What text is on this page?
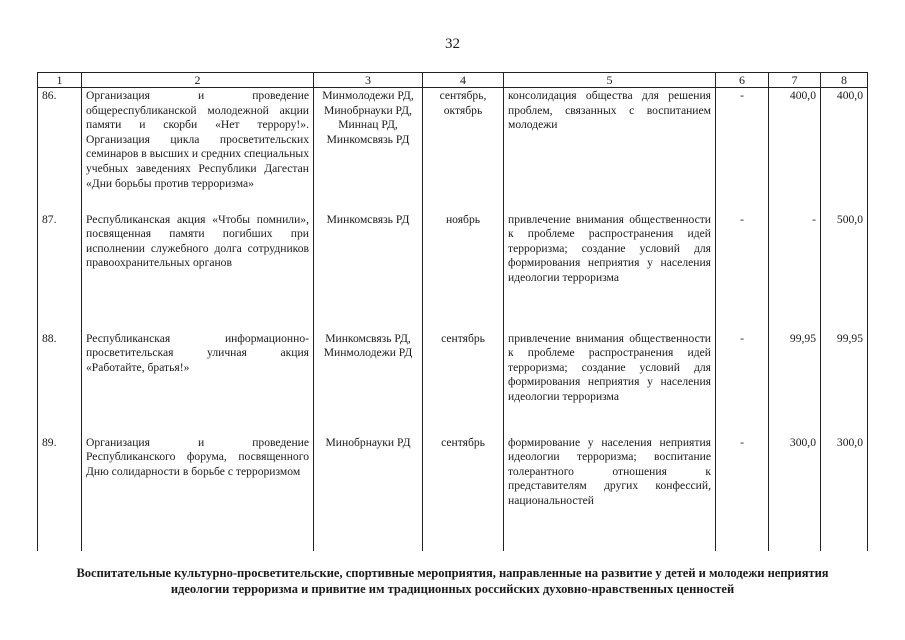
32
1	2	3	4	5	6	7	8
86.	Организация и проведение общереспубликанской молодежной акции памяти и скорби «Нет террору!». Организация цикла просветительских семинаров в высших и средних специальных учебных заведениях Республики Дагестан «Дни борьбы против терроризма»	Минмолодежи РД, Минобрнауки РД, Миннац РД, Минкомсвязь РД	сентябрь, октябрь	консолидация общества для решения проблем, связанных с воспитанием молодежи	-	400,0	400,0
87.	Республиканская акция «Чтобы помнили», посвященная памяти погибших при исполнении служебного долга сотрудников правоохранительных органов	Минкомсвязь РД	ноябрь	привлечение внимания общественности к проблеме распространения идей терроризма; создание условий для формирования неприятия у населения идеологии терроризма	-	-	500,0
88.	Республиканская информационно-просветительская уличная акция «Работайте, братья!»	Минкомсвязь РД, Минмолодежи РД	сентябрь	привлечение внимания общественности к проблеме распространения идей терроризма; создание условий для формирования неприятия у населения идеологии терроризма	-	99,95	99,95
89.	Организация и проведение Республиканского форума, посвященного Дню солидарности в борьбе с терроризмом	Минобрнауки РД	сентябрь	формирование у населения неприятия идеологии терроризма; воспитание толерантного отношения к представителям других конфессий, национальностей	-	300,0	300,0
Воспитательные культурно-просветительские, спортивные мероприятия, направленные на развитие у детей и молодежи неприятия идеологии терроризма и привитие им традиционных российских духовно-нравственных ценностей
